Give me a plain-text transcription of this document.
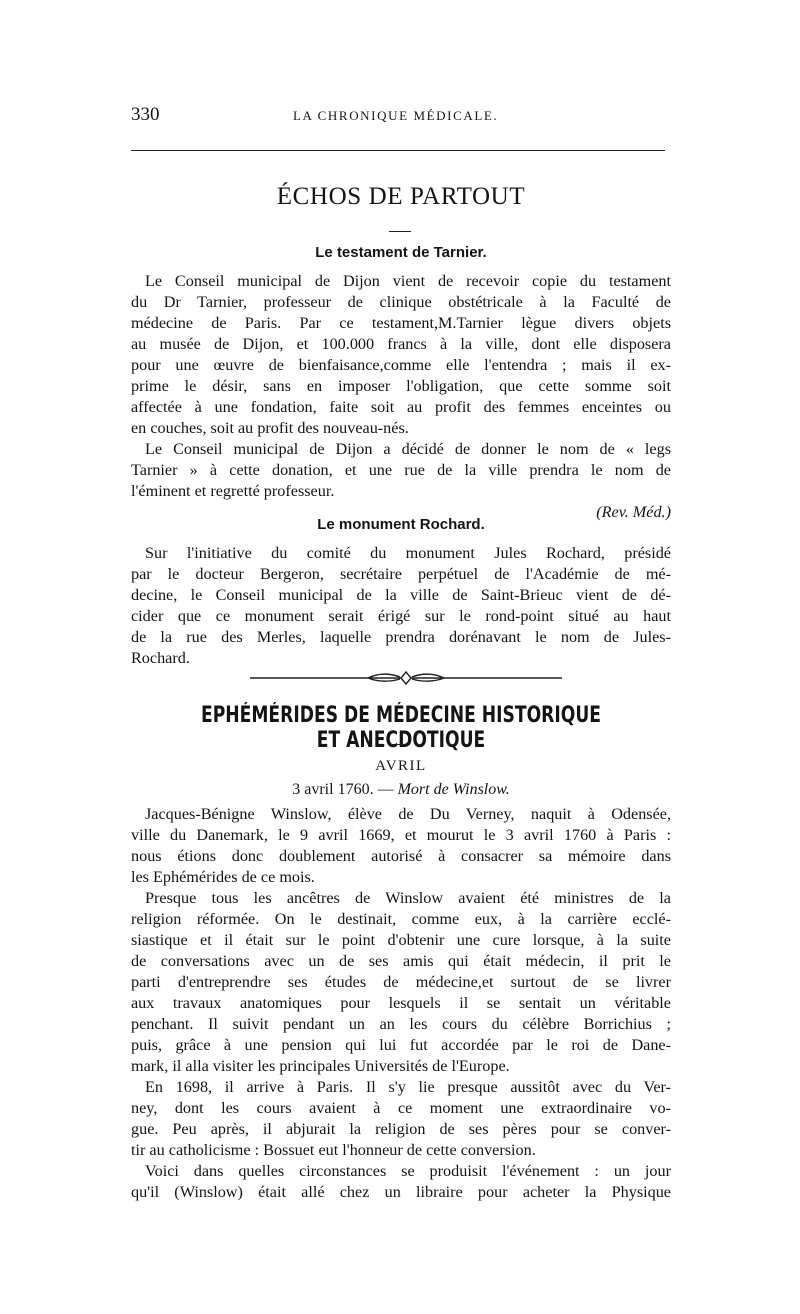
330	LA CHRONIQUE MÉDICALE.
ÉCHOS DE PARTOUT
Le testament de Tarnier.
Le Conseil municipal de Dijon vient de recevoir copie du testament
du Dr Tarnier, professeur de clinique obstétricale à la Faculté de
médecine de Paris. Par ce testament,M.Tarnier lègue divers objets
au musée de Dijon, et 100.000 francs à la ville, dont elle disposera
pour une œuvre de bienfaisance,comme elle l'entendra ; mais il ex-
prime le désir, sans en imposer l'obligation, que cette somme soit
affectée à une fondation, faite soit au profit des femmes enceintes ou
en couches, soit au profit des nouveau-nés.
Le Conseil municipal de Dijon a décidé de donner le nom de « legs
Tarnier » à cette donation, et une rue de la ville prendra le nom de
l'éminent et regretté professeur.
(Rev. Méd.)
Le monument Rochard.
Sur l'initiative du comité du monument Jules Rochard, présidé
par le docteur Bergeron, secrétaire perpétuel de l'Académie de mé-
decine, le Conseil municipal de la ville de Saint-Brieuc vient de dé-
cider que ce monument serait érigé sur le rond-point situé au haut
de la rue des Merles, laquelle prendra dorénavant le nom de Jules-
Rochard.
EPHÉMÉRIDES DE MÉDECINE HISTORIQUE ET ANECDOTIQUE
AVRIL
3 avril 1760. — Mort de Winslow.
Jacques-Bénigne Winslow, élève de Du Verney, naquit à Odensée,
ville du Danemark, le 9 avril 1669, et mourut le 3 avril 1760 à Paris :
nous étions donc doublement autorisé à consacrer sa mémoire dans
les Ephémérides de ce mois.
Presque tous les ancêtres de Winslow avaient été ministres de la
religion réformée. On le destinait, comme eux, à la carrière ecclé-
siastique et il était sur le point d'obtenir une cure lorsque, à la suite
de conversations avec un de ses amis qui était médecin, il prit le
parti d'entreprendre ses études de médecine,et surtout de se livrer
aux travaux anatomiques pour lesquels il se sentait un véritable
penchant. Il suivit pendant un an les cours du célèbre Borrichius ;
puis, grâce à une pension qui lui fut accordée par le roi de Dane-
mark, il alla visiter les principales Universités de l'Europe.
En 1698, il arrive à Paris. Il s'y lie presque aussitôt avec du Ver-
ney, dont les cours avaient à ce moment une extraordinaire vo-
gue. Peu après, il abjurait la religion de ses pères pour se conver-
tir au catholicisme : Bossuet eut l'honneur de cette conversion.
Voici dans quelles circonstances se produisit l'événement : un jour
qu'il (Winslow) était allé chez un libraire pour acheter la Physique
